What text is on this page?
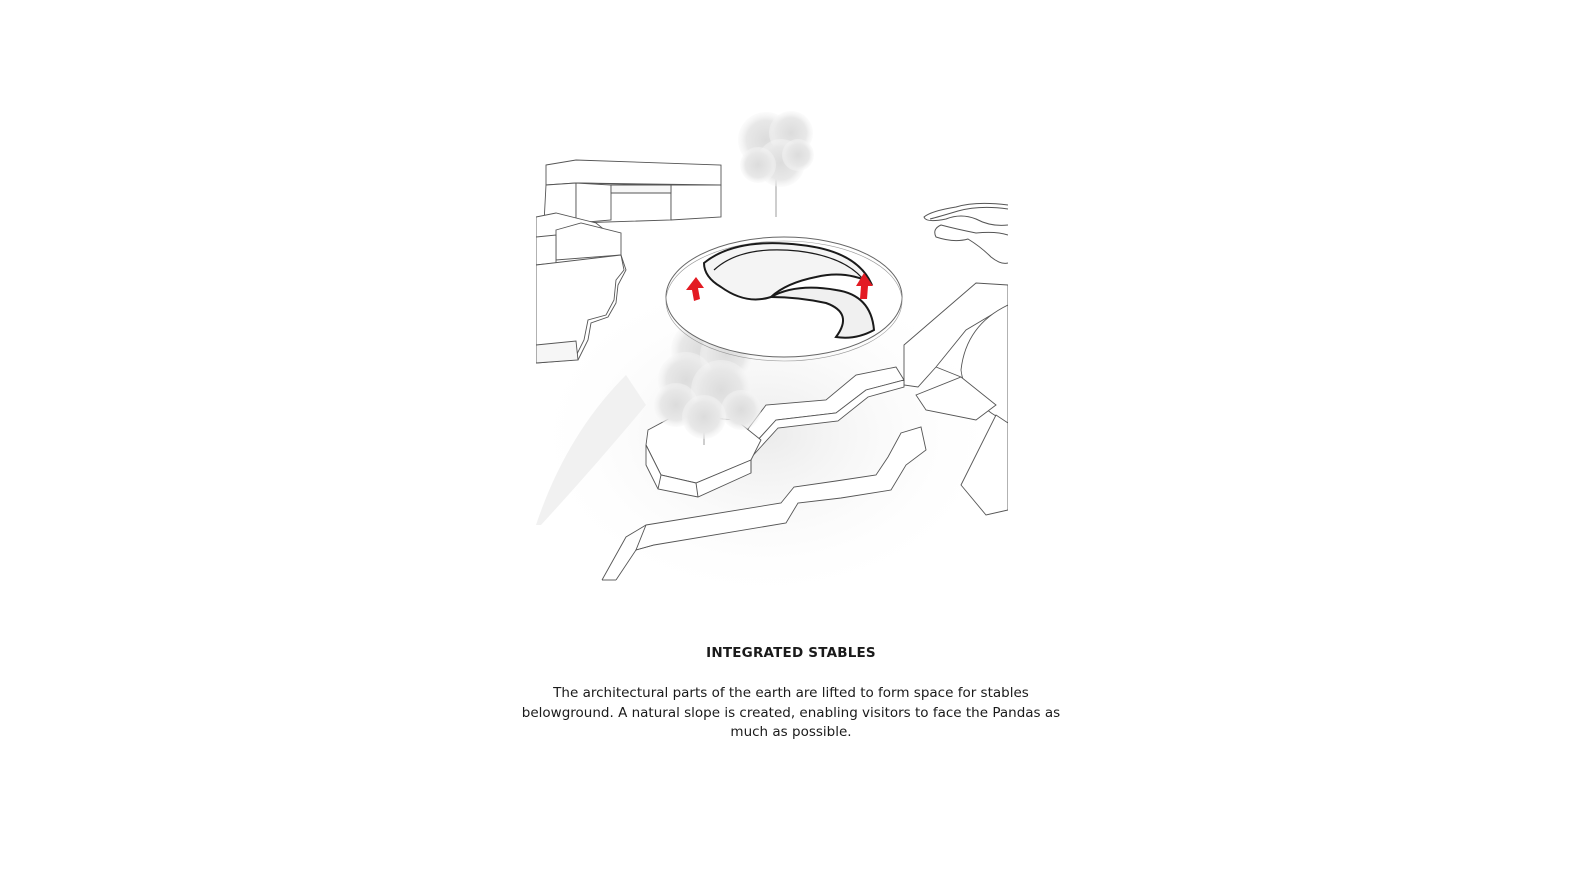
INTEGRATED STABLES

The architectural parts of the earth are lifted to form space for stables belowground. A natural slope is created, enabling visitors to face the Pandas as much as possible.
